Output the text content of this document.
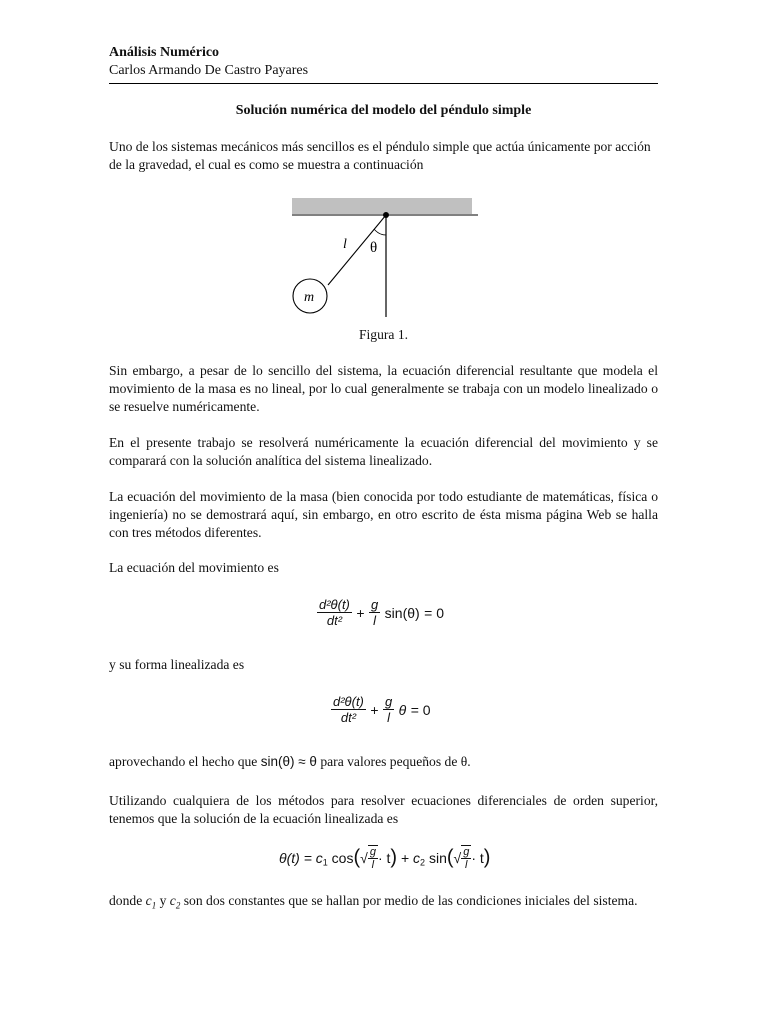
Análisis Numérico
Carlos Armando De Castro Payares
Solución numérica del modelo del péndulo simple

Uno de los sistemas mecánicos más sencillos es el péndulo simple que actúa únicamente por acción de la gravedad, el cual es como se muestra a continuación

l θ
m
Figura 1.

Sin embargo, a pesar de lo sencillo del sistema, la ecuación diferencial resultante que modela el movimiento de la masa es no lineal, por lo cual generalmente se trabaja con un modelo linealizado o se resuelve numéricamente.

En el presente trabajo se resolverá numéricamente la ecuación diferencial del movimiento y se comparará con la solución analítica del sistema linealizado.

La ecuación del movimiento de la masa (bien conocida por todo estudiante de matemáticas, física o ingeniería) no se demostrará aquí, sin embargo, en otro escrito de ésta misma página Web se halla con tres métodos diferentes.

La ecuación del movimiento es

$\frac{\text{d²θ(t)}}{\text{dt²}} + \frac{g}{l} \sin(\theta) = 0$

y su forma linealizada es

$\frac{\text{d²θ(t)}}{\text{dt²}} + \frac{g}{l}$ θ = 0

aprovechando el hecho que sin(θ) ≈ θ para valores pequeños de θ.

Utilizando cualquiera de los métodos para resolver ecuaciones diferenciales de orden superior, tenemos que la solución de la ecuación linealizada es

$\theta(t) = c_1$ $\cos(√ \frac{g}{l} \cdot t) + c_2$ $\sin(√ \frac{g}{l} \cdot t)$

donde $c_1$ y $c_2$ son dos constantes que se hallan por medio de las condiciones iniciales del sistema.
